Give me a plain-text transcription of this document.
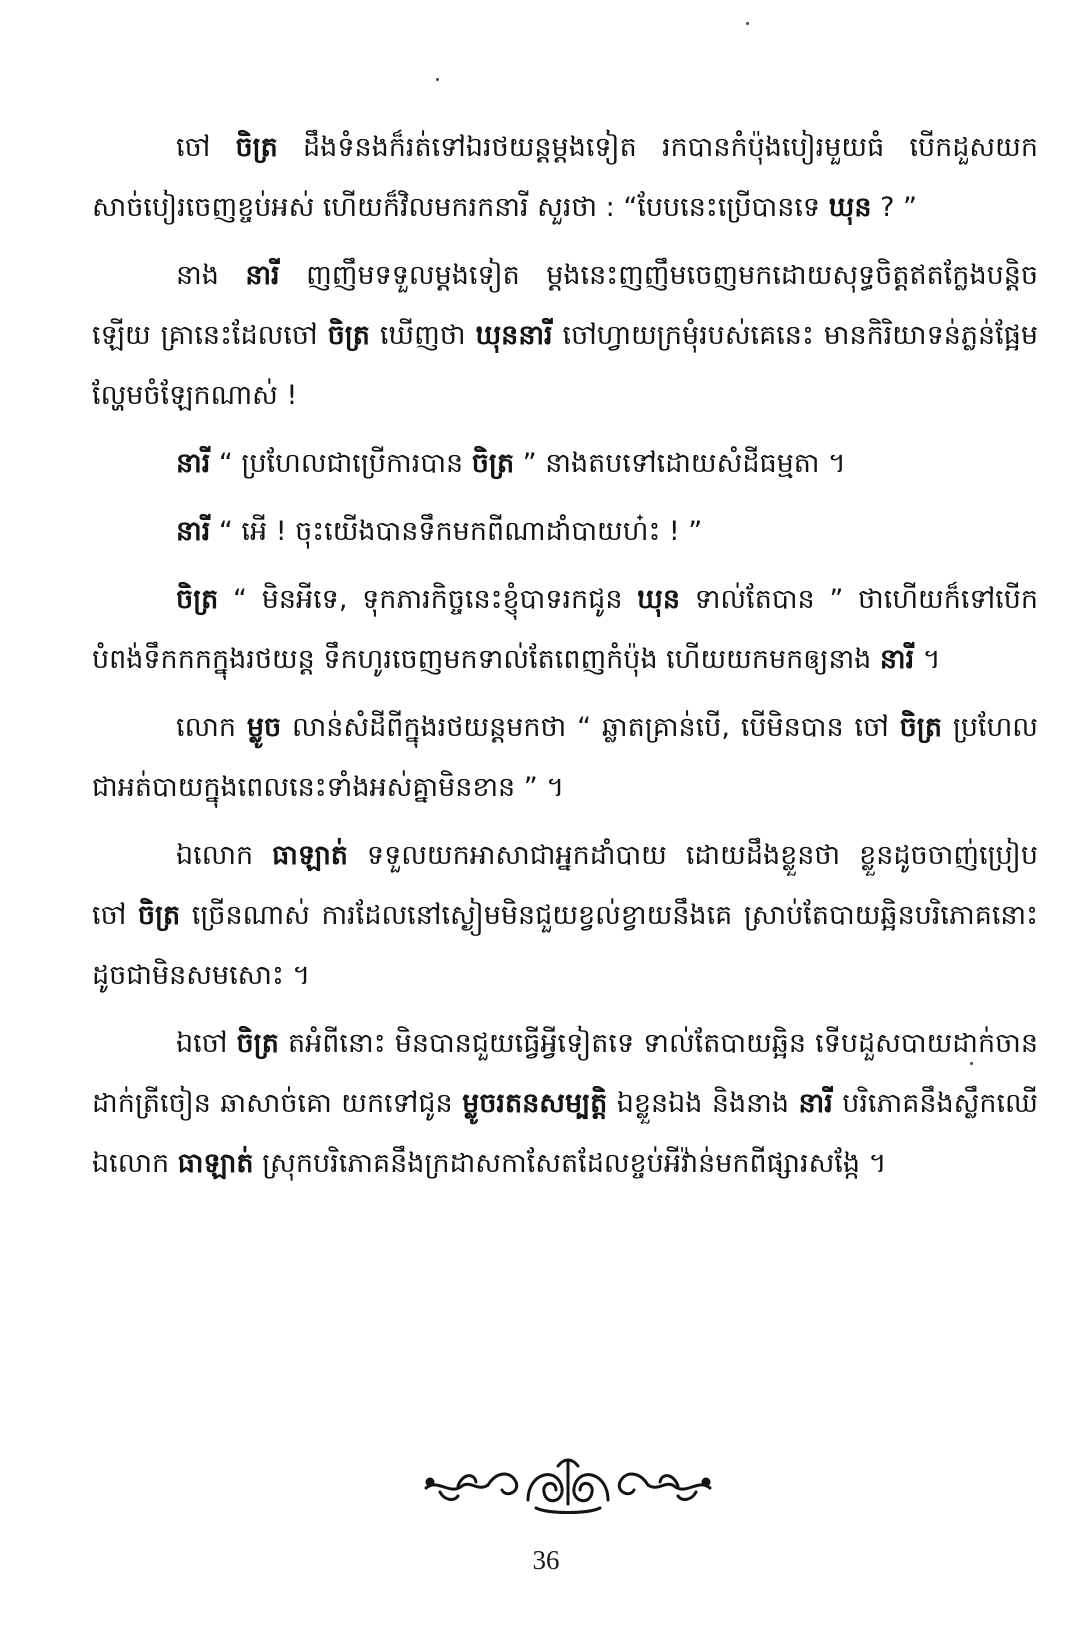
ចៅ ចិត្រ ដឹងទំនងក៏រត់ទៅឯរថយន្តម្តងទៀត រកបានកំប៉ុងបៀរមួយធំ បើកដួសយកសាច់បៀរចេញខ្ចប់អស់ ហើយក៏វិលមករកនារី សួរថា : “បែបនេះប្រើបានទេ ឃុន ? ”

នាង នារី ញញឹមទទួលម្តងទៀត ម្តងនេះញញឹមចេញមកដោយសុទ្ធចិត្តឥតក្លែងបន្តិចឡើយ គ្រានេះដែលចៅ ចិត្រ ឃើញថា ឃុននារី ចៅហ្វាយក្រមុំរបស់គេនេះ មានកិរិយាទន់ភ្លន់ផ្អែមល្ហែមចំឡែកណាស់ !

នារី “ ប្រហែលជាប្រើការបាន ចិត្រ ” នាងតបទៅដោយសំដីធម្មតា ។

នារី “ អើ ! ចុះយើងបានទឹកមកពីណាដាំបាយហ៎ះ ! ”

ចិត្រ “ មិនអីទេ, ទុកភារកិច្ចនេះខ្ញុំបាទរកជូន ឃុន ទាល់តែបាន ” ថាហើយក៏ទៅបើកបំពង់ទឹកកកក្នុងរថយន្ត ទឹកហូរចេញមកទាល់តែពេញកំប៉ុង ហើយយកមកឲ្យនាង នារី ។

លោក ម្លូច លាន់សំដីពីក្នុងរថយន្តមកថា “ ឆ្លាតគ្រាន់បើ, បើមិនបាន ចៅ ចិត្រ ប្រហែលជាអត់បាយក្នុងពេលនេះទាំងអស់គ្នាមិនខាន ” ។

ឯលោក ធាឡាត់ ទទួលយកអាសាជាអ្នកដាំបាយ ដោយដឹងខ្លួនថា ខ្លួនដូចចាញ់ប្រៀប ចៅ ចិត្រ ច្រើនណាស់ ការដែលនៅស្ងៀមមិនជួយខ្វល់ខ្វាយនឹងគេ ស្រាប់តែបាយឆ្អិនបរិភោគនោះដូចជាមិនសមសោះ ។

ឯចៅ ចិត្រ តអំពីនោះ មិនបានជួយធ្វើអ្វីទៀតទេ ទាល់តែបាយឆ្អិន ទើបដួសបាយដាក់ចានដាក់ត្រីចៀន ឆាសាច់គោ យកទៅជូន ម្លូចរតនសម្បត្តិ ឯខ្លួនឯង និងនាង នារី បរិភោគនឹងស្លឹកឈើ ឯលោក ធាឡាត់ ស្រុកបរិភោគនឹងក្រដាសកាសែតដែលខ្ចប់អីវ៉ាន់មកពីផ្សារសង្កែ ។

36
